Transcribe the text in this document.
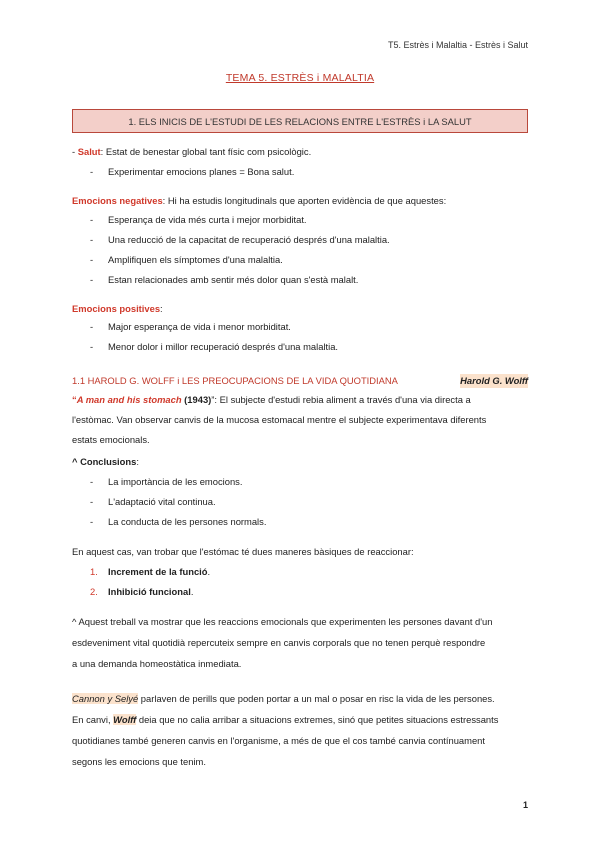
T5. Estrès i Malaltia - Estrès i Salut
TEMA 5. ESTRÈS i MALALTIA
1. ELS INICIS DE L'ESTUDI DE LES RELACIONS ENTRE L'ESTRÈS i LA SALUT
- Salut: Estat de benestar global tant físic com psicològic.
- Experimentar emocions planes = Bona salut.
Emocions negatives: Hi ha estudis longitudinals que aporten evidència de que aquestes:
- Esperança de vida més curta i mejor morbiditat.
- Una reducció de la capacitat de recuperació després d'una malaltia.
- Amplifiquen els símptomes d'una malaltia.
- Estan relacionades amb sentir més dolor quan s'està malalt.
Emocions positives:
- Major esperança de vida i menor morbiditat.
- Menor dolor i millor recuperació després d'una malaltia.
1.1 HAROLD G. WOLFF i LES PREOCUPACIONS DE LA VIDA QUOTIDIANA	Harold G. Wolff
“A man and his stomach (1943)”: El subjecte d'estudi rebia aliment a través d'una via directa a
l'estòmac. Van observar canvis de la mucosa estomacal mentre el subjecte experimentava diferents
estats emocionals.
^ Conclusions:
- La importància de les emocions.
- L'adaptació vital continua.
- La conducta de les persones normals.
En aquest cas, van trobar que l'estómac té dues maneres bàsiques de reaccionar:
1. Increment de la funció.
2. Inhibició funcional.
^ Aquest treball va mostrar que les reaccions emocionals que experimenten les persones davant d'un
esdeveniment vital quotidià repercuteix sempre en canvis corporals que no tenen perquè respondre
a una demanda homeostàtica inmediata.
Cannon y Selyé parlaven de perills que poden portar a un mal o posar en risc la vida de les persones.
En canvi, Wolff deia que no calia arribar a situacions extremes, sinó que petites situacions estressants
quotidianes també generen canvis en l'organisme, a més de que el cos també canvia contínuament
segons les emocions que tenim.
1
